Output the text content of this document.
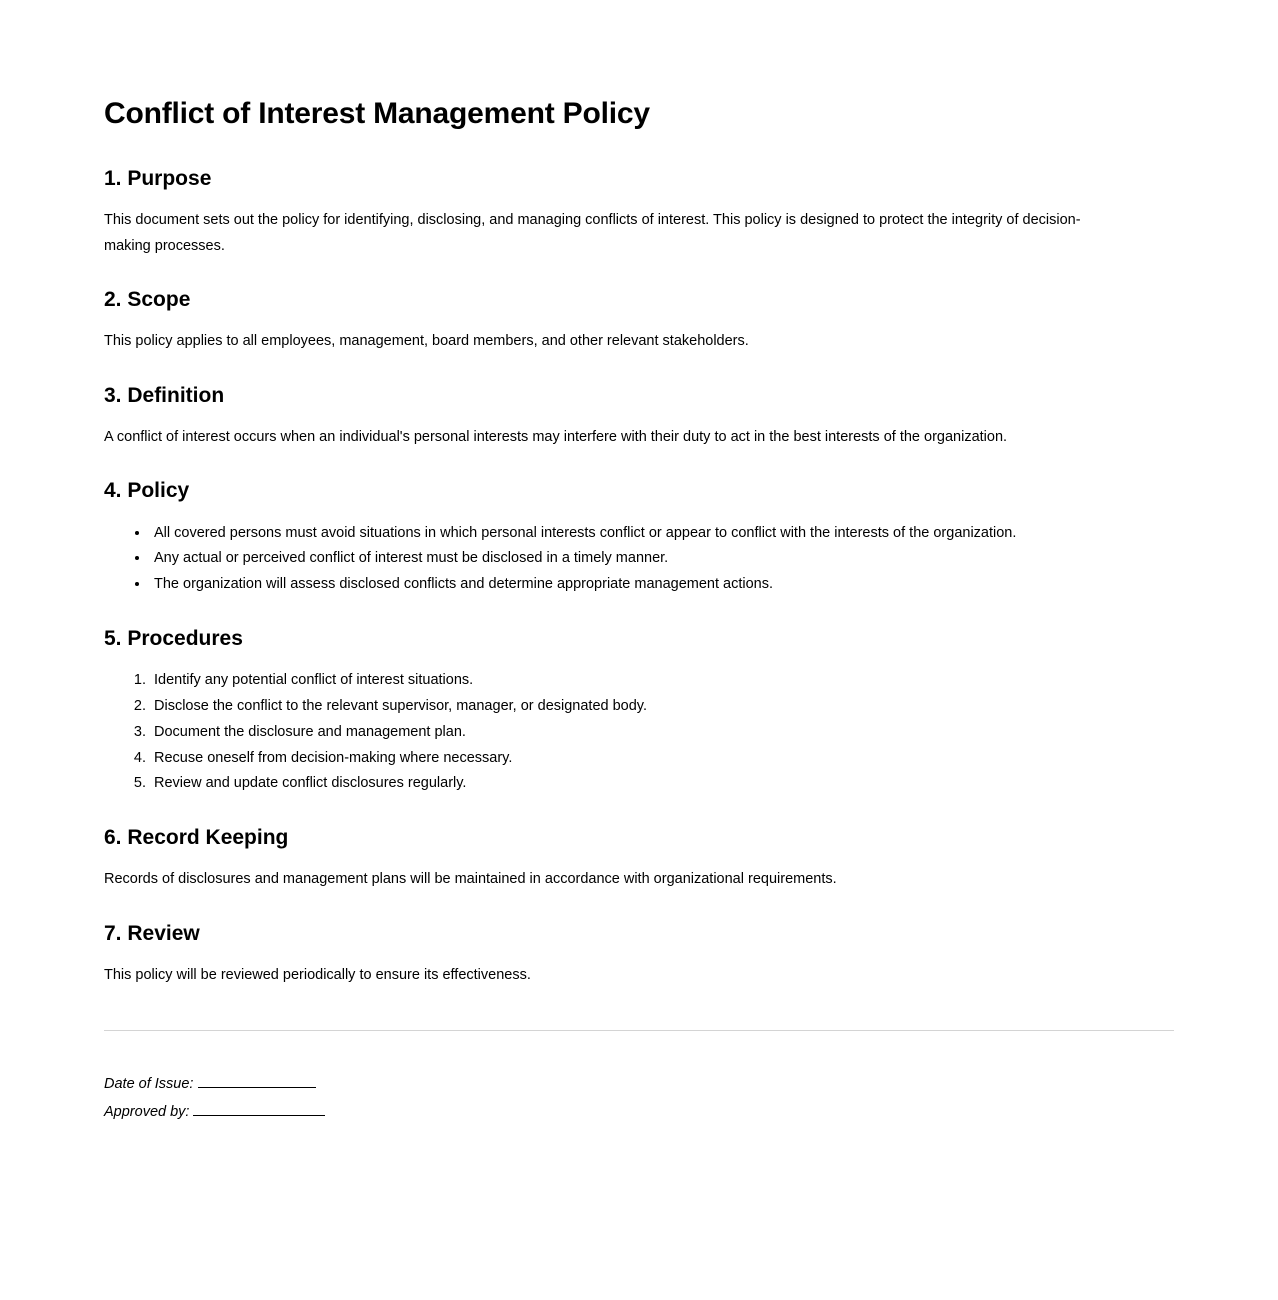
Conflict of Interest Management Policy
1. Purpose

This document sets out the policy for identifying, disclosing, and managing conflicts of interest. This policy is designed to protect the integrity of decision-making processes.

2. Scope

This policy applies to all employees, management, board members, and other relevant stakeholders.

3. Definition

A conflict of interest occurs when an individual's personal interests may interfere with their duty to act in the best interests of the organization.

4. Policy
• All covered persons must avoid situations in which personal interests conflict or appear to conflict with the interests of the organization.
• Any actual or perceived conflict of interest must be disclosed in a timely manner.
• The organization will assess disclosed conflicts and determine appropriate management actions.
5. Procedures
1. Identify any potential conflict of interest situations.
2. Disclose the conflict to the relevant supervisor, manager, or designated body.
3. Document the disclosure and management plan.
4. Recuse oneself from decision-making where necessary.
5. Review and update conflict disclosures regularly.
6. Record Keeping

Records of disclosures and management plans will be maintained in accordance with organizational requirements.

7. Review

This policy will be reviewed periodically to ensure its effectiveness.

Date of Issue:
Approved by:
